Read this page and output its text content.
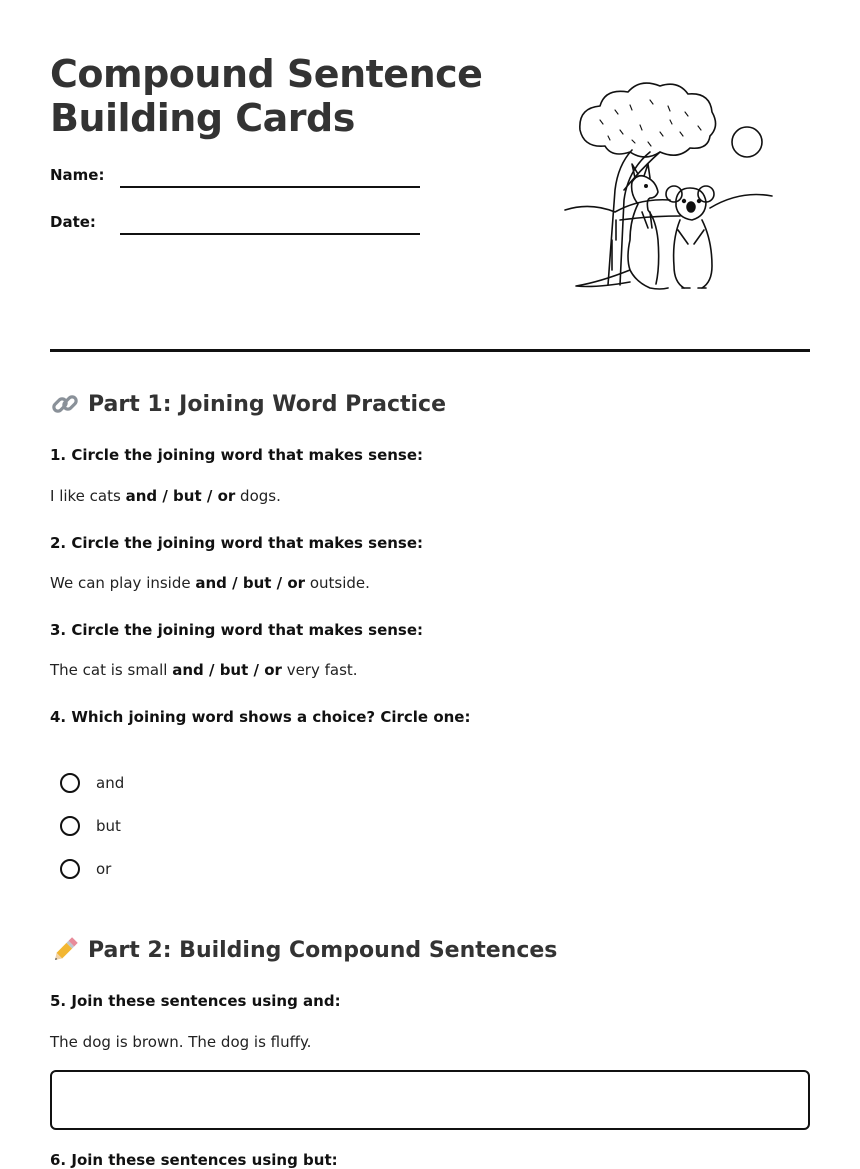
Compound Sentence
Building Cards
Name:
Date:
Part 1: Joining Word Practice
1. Circle the joining word that makes sense:
I like cats and / but / or dogs.
2. Circle the joining word that makes sense:
We can play inside and / but / or outside.
3. Circle the joining word that makes sense:
The cat is small and / but / or very fast.
4. Which joining word shows a choice? Circle one:
and
but
or
Part 2: Building Compound Sentences
5. Join these sentences using and:
The dog is brown. The dog is fluffy.
6. Join these sentences using but:
